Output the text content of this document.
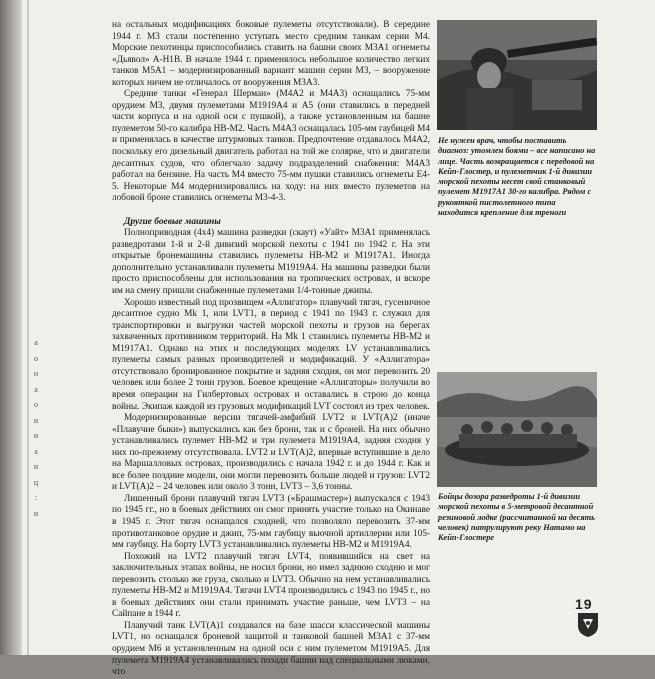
а
о
н
а
о
и
и
а
и
ц
:
и

на остальных модификациях боковые пулеметы отсутствовали). В середине 1944 г. М3 стали постепенно уступать место средним танкам серии М4. Морские пехотинцы приспособились ставить на башни своих М3А1 огнеметы «Дьявол» А-Н1В. В начале 1944 г. применялось небольшое количество легких танков М5А1 – модернизированный вариант машин серии М3, – вооружение которых ничем не отличалось от вооружения М3А3.

Средние танки «Генерал Шерман» (М4А2 и М4А3) оснащались 75-мм орудием М3, двумя пулеметами М1919А4 и А5 (они ставились в передней части корпуса и на одной оси с пушкой), а также установленным на башне пулеметом 50-го калибра НВ-М2. Часть М4А3 оснащалась 105-мм гаубицей М4 и применялась в качестве штурмовых танков. Предпочтение отдавалось М4А2, поскольку его дизельный двигатель работал на той же солярке, что и двигатели десантных судов, что облегчало задачу подразделений снабжения: М4А3 работал на бензине. На часть М4 вместо 75-мм пушки ставились огнеметы Е4-5. Некоторые М4 модернизировались на ходу: на них вместо пулеметов на лобовой броне ставились огнеметы М3-4-3.

Другие боевые машины

Полноприводная (4x4) машина разведки (скаут) «Уайт» М3А1 применялась разведротами 1-й и 2-й дивизий морской пехоты с 1941 по 1942 г. На эти открытые бронемашины ставились пулеметы НВ-М2 и М1917А1. Иногда дополнительно устанавливали пулеметы М1919А4. На машины разведки были просто приспособлены для использования на тропических островах, и вскоре им на смену пришли снабженные пулеметами 1/4-тонные джипы.

Хорошо известный под прозвищем «Аллигатор» плавучий тягач, гусеничное десантное судно Mk 1, или LVT1, в период с 1941 по 1943 г. служил для транспортировки и выгрузки частей морской пехоты и грузов на берегах захваченных противником территорий. На Mk 1 ставились пулеметы НВ-М2 и М1917А1. Однако на этих и последующих моделях LV устанавливались пулеметы самых разных производителей и модификаций. У «Аллигатора» отсутствовало бронированное покрытие и задняя сходня, он мог перевозить 20 человек или более 2 тонн грузов. Боевое крещение «Аллигаторы» получили во время операции на Гилбертовых островах и оставались в строю до конца войны. Экипаж каждой из грузовых модификаций LVT состоял из трех человек.

Модернизированные версии тягачей-амфибий LVT2 и LVT(A)2 (иначе «Плавучие быки») выпускались как без брони, так и с броней. На них обычно устанавливались пулемет НВ-М2 и три пулемета М1919А4, задняя сходня у них по-прежнему отсутствовала. LVT2 и LVT(A)2, впервые вступившие в дело на Маршалловых островах, производились с начала 1942 г. и до 1944 г. Как и все более поздние модели, они могли перевозить больше людей и грузов: LVT2 и LVT(A)2 – 24 человек или около 3 тонн, LVT3 – 3,6 тонны.

Лишенный брони плавучий тягач LVT3 («Брашмастер») выпускался с 1943 по 1945 гг., но в боевых действиях он смог принять участие только на Окинаве в 1945 г. Этот тягач оснащался сходней, что позволяло перевозить 37-мм противотанковое орудие и джип, 75-мм гаубицу вьючной артиллерии или 105-мм гаубицу. На борту LVT3 устанавливались пулеметы НВ-М2 и М1919А4.

Похожий на LVT2 плавучий тягач LVT4, появившийся на свет на заключительных этапах войны, не носил брони, но имел заднюю сходню и мог перевозить столько же груза, сколько и LVT3. Обычно на нем устанавливались пулеметы НВ-М2 и М1919А4. Тягачи LVT4 производились с 1943 по 1945 г., но в боевых действиях они стали принимать участие раньше, чем LVT3 – на Сайпане в 1944 г.

Плавучий танк LVT(A)1 создавался на базе шасси классической машины LVT1, но оснащался броневой защитой и танковой башней М3А1 с 37-мм орудием М6 и установленным на одной оси с ним пулеметом М1919А5. Для пулемета М1919А4 устанавливались позади башни над специальными люками, что

Не нужен врач, чтобы поставить диагноз: утомлен боями – все написано на лице. Часть возвращается с передовой на Кейп-Глостер, и пулеметчик 1-й дивизии морской пехоты несет свой станковый пулемет М1917А1 30-го калибра. Рядом с рукояткой пистолетного типа находится крепление для треноги
Бойцы дозора разведроты 1-й дивизии морской пехоты в 5-метровой десантной резиновой лодке (рассчитанной на десять человек) патрулируют реку Натамо на Кейп-Глостере
19
